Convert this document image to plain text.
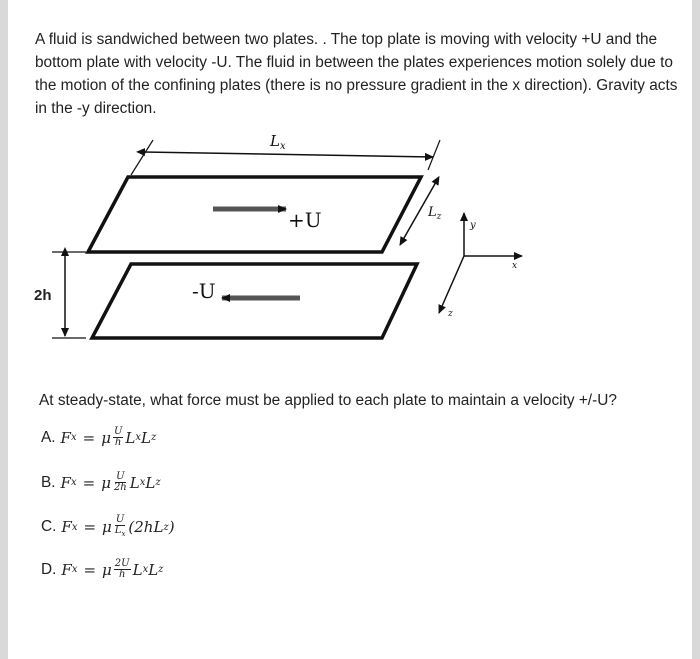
A fluid is sandwiched between two plates. . The top plate is moving with velocity +U and the bottom plate with velocity -U. The fluid in between the plates experiences motion solely due to the motion of the confining plates (there is no pressure gradient in the x direction). Gravity acts in the -y direction.
$L_x$
+U	$L_z$
-U
2h
y
x
z
At steady-state, what force must be applied to each plate to maintain a velocity +/-U?
A. F x = μ $\frac{U}{h}$ L x L z
B. F x = μ $\frac{U}{2h}$ L x L z
C. F x = μ $\frac{U}{L_x} (2h$ L z )
D. F x = μ $\frac{2U}{h}$ L x L z
